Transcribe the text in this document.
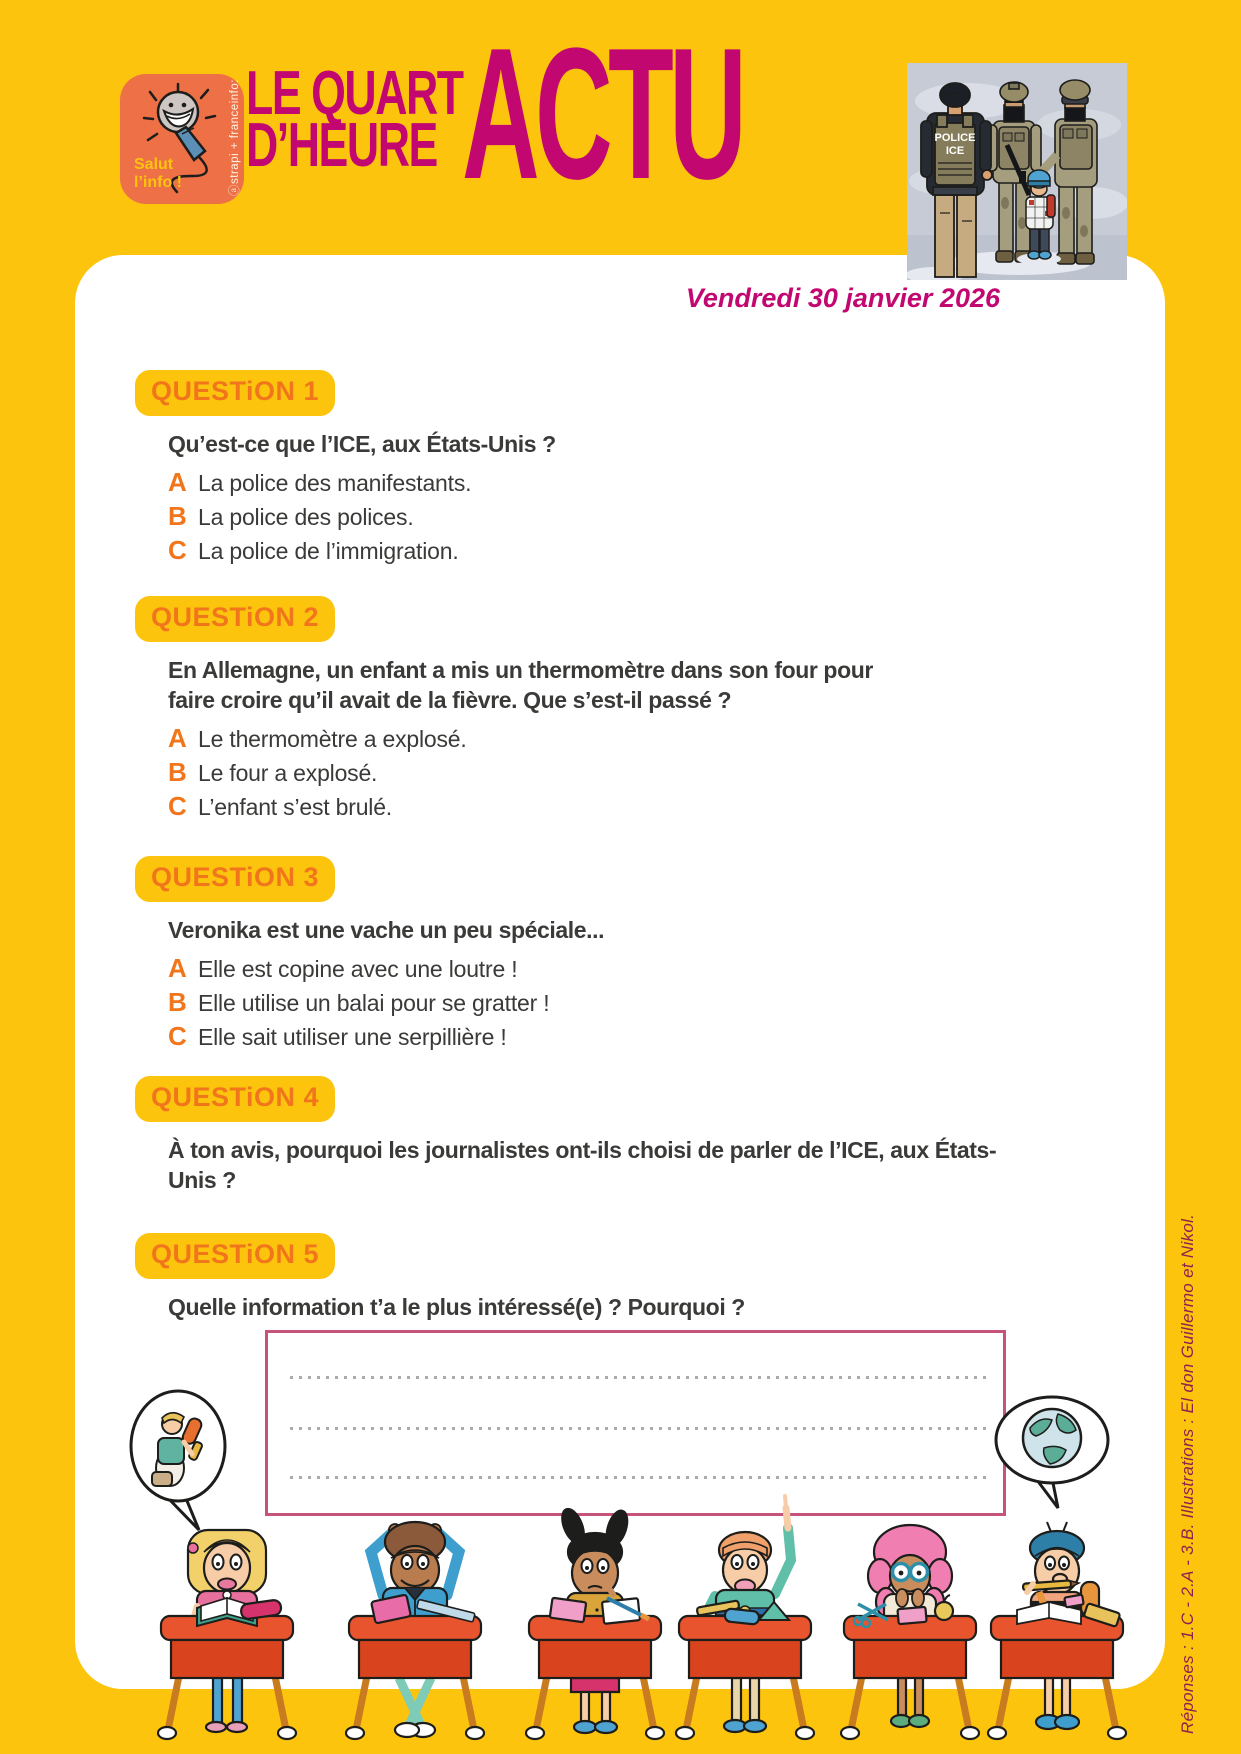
Salut
l’info !	ⓐstrapi + franceinfo: LE QUART
D’HEURE ACTU	POLICE
ICE
Vendredi 30 janvier 2026
QUESTiON 1
Qu’est-ce que l’ICE, aux États-Unis ?
A La police des manifestants.
B La police des polices.
C La police de l’immigration.
QUESTiON 2
En Allemagne, un enfant a mis un thermomètre dans son four pour faire croire qu’il avait de la fièvre. Que s’est-il passé ?
A Le thermomètre a explosé.
B Le four a explosé.
C L’enfant s’est brulé.
QUESTiON 3
Veronika est une vache un peu spéciale...
A Elle est copine avec une loutre !
B Elle utilise un balai pour se gratter !
C Elle sait utiliser une serpillière !
QUESTiON 4
À ton avis, pourquoi les journalistes ont-ils choisi de parler de l’ICE, aux États-Unis ?
QUESTiON 5
Quelle information t’a le plus intéressé(e) ? Pourquoi ?	Réponses : 1.C - 2.A - 3.B. Illustrations : El don Guillermo et Nikol.
